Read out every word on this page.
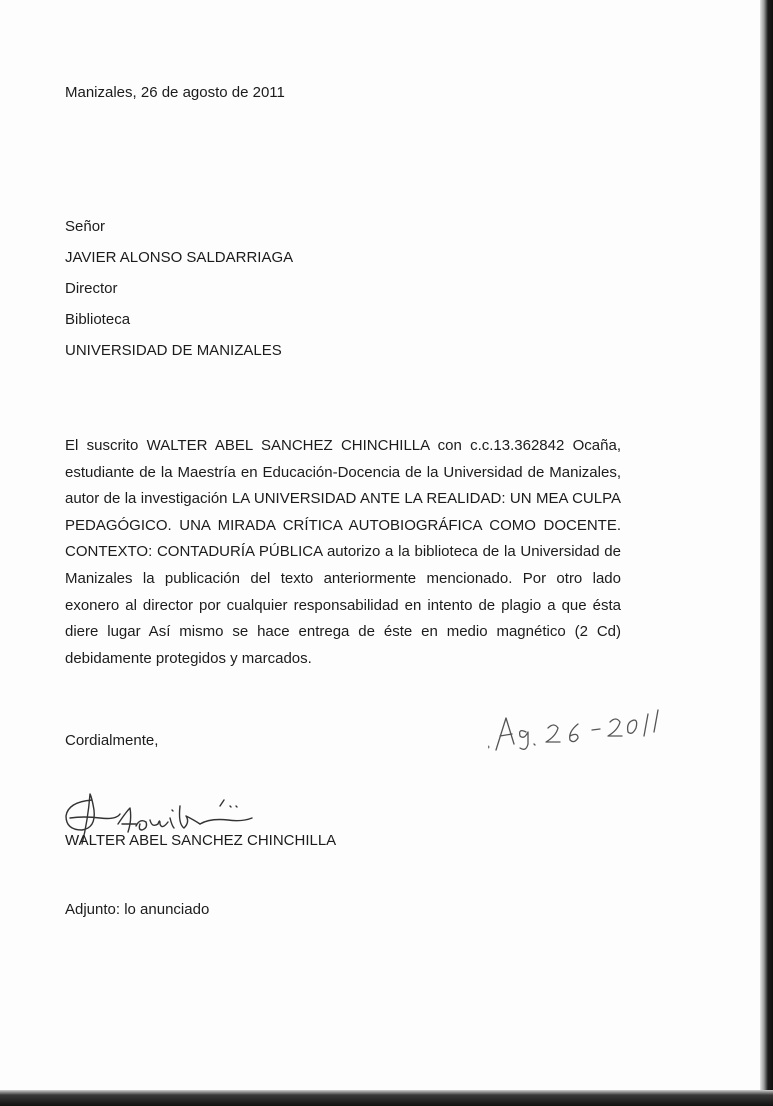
Manizales, 26 de agosto de 2011
Señor
JAVIER ALONSO SALDARRIAGA
Director
Biblioteca
UNIVERSIDAD DE MANIZALES
El suscrito WALTER ABEL SANCHEZ CHINCHILLA con c.c.13.362842 Ocaña, estudiante de la Maestría en Educación-Docencia de la Universidad de Manizales, autor de la investigación LA UNIVERSIDAD ANTE LA REALIDAD: UN MEA CULPA PEDAGÓGICO. UNA MIRADA CRÍTICA AUTOBIOGRÁFICA COMO DOCENTE. CONTEXTO: CONTADURÍA PÚBLICA autorizo a la biblioteca de la Universidad de Manizales la publicación del texto anteriormente mencionado. Por otro lado exonero al director por cualquier responsabilidad en intento de plagio a que ésta diere lugar Así mismo se hace entrega de éste en medio magnético (2 Cd) debidamente protegidos y marcados.
Cordialmente,
WALTER ABEL SANCHEZ CHINCHILLA
Adjunto: lo anunciado
